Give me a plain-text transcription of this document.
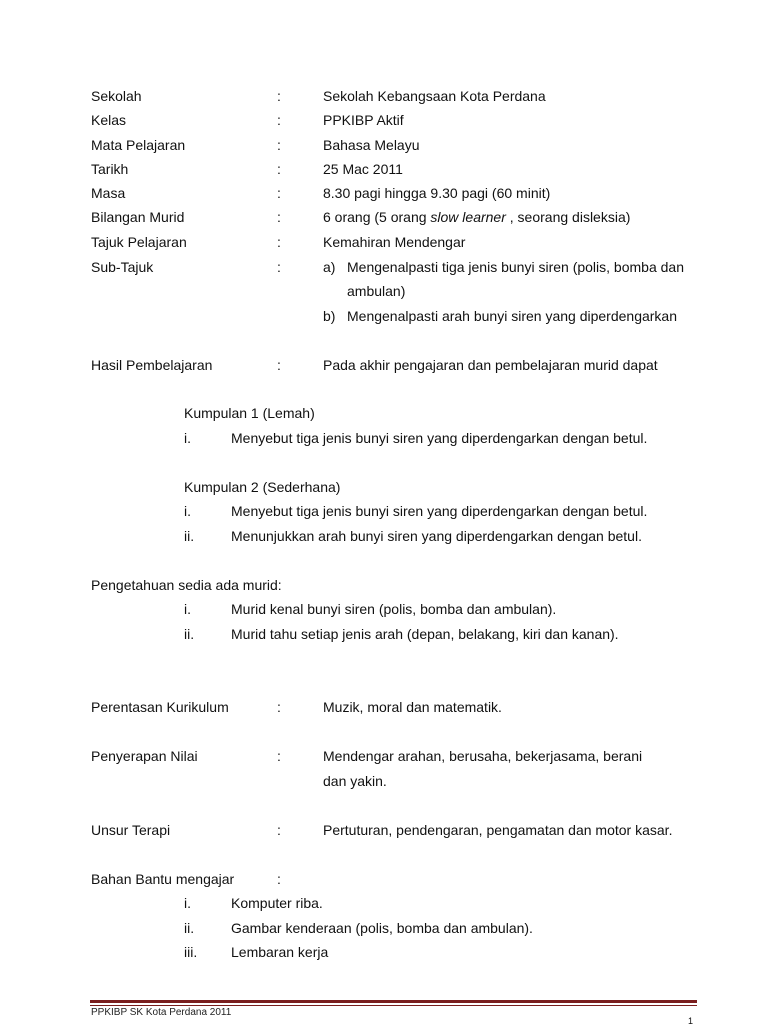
Sekolah	:	Sekolah Kebangsaan Kota Perdana
Kelas	:	PPKIBP Aktif
Mata Pelajaran	:	Bahasa Melayu
Tarikh	:	25 Mac 2011
Masa	:	8.30 pagi hingga 9.30 pagi (60 minit)
Bilangan Murid	:	6 orang (5 orang slow learner , seorang disleksia)
Tajuk Pelajaran	:	Kemahiran Mendengar
Sub-Tajuk	:	a) Mengenalpasti tiga jenis bunyi siren (polis, bomba dan
ambulan)
b) Mengenalpasti arah bunyi siren yang diperdengarkan
Hasil Pembelajaran	:	Pada akhir pengajaran dan pembelajaran murid dapat
Kumpulan 1 (Lemah)
i.	Menyebut tiga jenis bunyi siren yang diperdengarkan dengan betul.
Kumpulan 2 (Sederhana)
i.	Menyebut tiga jenis bunyi siren yang diperdengarkan dengan betul.
ii.	Menunjukkan arah bunyi siren yang diperdengarkan dengan betul.
Pengetahuan sedia ada murid:
i.	Murid kenal bunyi siren (polis, bomba dan ambulan).
ii.	Murid tahu setiap jenis arah (depan, belakang, kiri dan kanan).
Perentasan Kurikulum	:	Muzik, moral dan matematik.
Penyerapan Nilai	:	Mendengar arahan, berusaha, bekerjasama, berani
dan yakin.
Unsur Terapi	:	Pertuturan, pendengaran, pengamatan dan motor kasar.
Bahan Bantu mengajar	:
i.	Komputer riba.
ii.	Gambar kenderaan (polis, bomba dan ambulan).
iii. Lembaran kerja
PPKIBP SK Kota Perdana 2011
1
